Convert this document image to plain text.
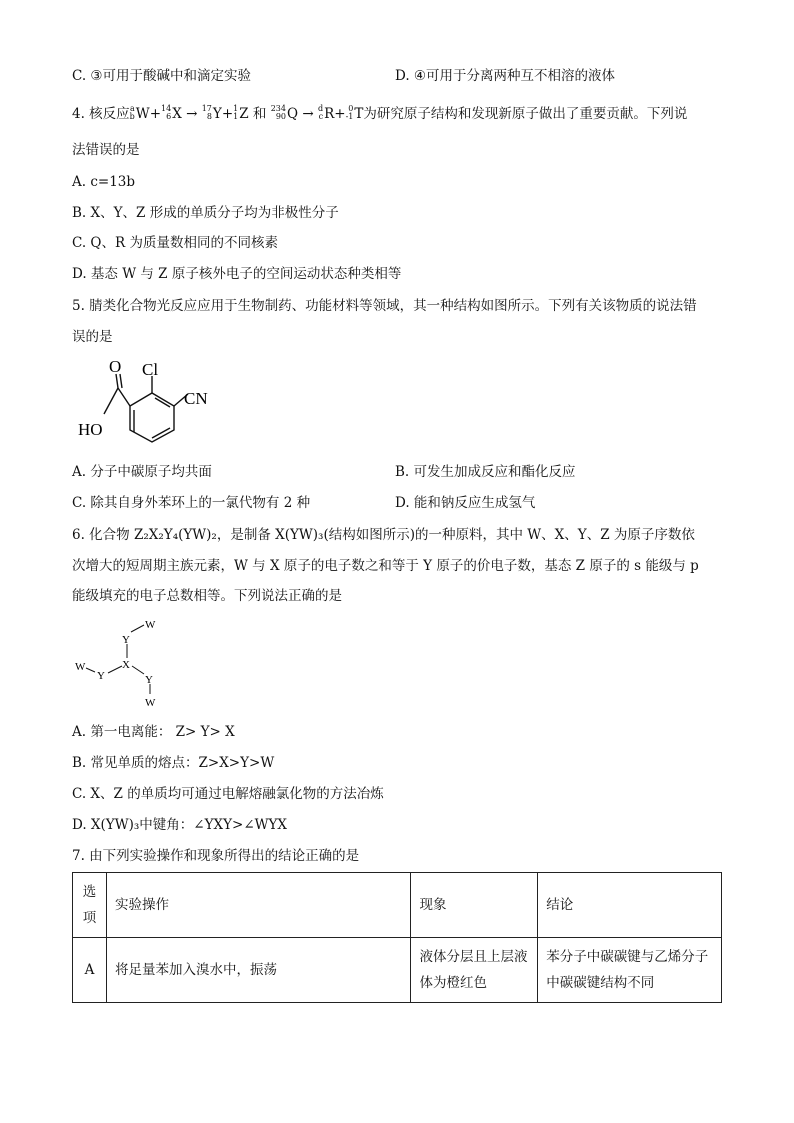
C. ③可用于酸碱中和滴定实验	D. ④可用于分离两种互不相溶的液体
4. 核反应 a
b W+ 14
6 X → 17
8 Y+ 1
1 Z 和 234
90 Q → d
c R+ 0
-1 T为研究原子结构和发现新原子做出了重要贡献。下列说
法错误的是
A. c=13b
B. X、Y、Z 形成的单质分子均为非极性分子
C. Q、R 为质量数相同的不同核素
D. 基态 W 与 Z 原子核外电子的空间运动状态种类相等
5. 腈类化合物光反应应用于生物制药、功能材料等领域，其一种结构如图所示。下列有关该物质的说法错
误的是
O Cl
CN
HO
A. 分子中碳原子均共面	B. 可发生加成反应和酯化反应
C. 除其自身外苯环上的一氯代物有 2 种	D. 能和钠反应生成氢气
6. 化合物 Z₂X₂Y₄(YW)₂，是制备 X(YW)₃(结构如图所示)的一种原料，其中 W、X、Y、Z 为原子序数依
次增大的短周期主族元素，W 与 X 原子的电子数之和等于 Y 原子的价电子数，基态 Z 原子的 s 能级与 p
能级填充的电子总数相等。下列说法正确的是
Y
W
X
Y
W
Y
W
A. 第一电离能： Z> Y> X
B. 常见单质的熔点：Z>X>Y>W
C. X、Z 的单质均可通过电解熔融氯化物的方法冶炼
D. X(YW)₃中键角：∠YXY>∠WYX
7. 由下列实验操作和现象所得出的结论正确的是
选项	实验操作	现象	结论
A	将足量苯加入溴水中，振荡	液体分层且上层液体为橙红色	苯分子中碳碳键与乙烯分子中碳碳键结构不同
